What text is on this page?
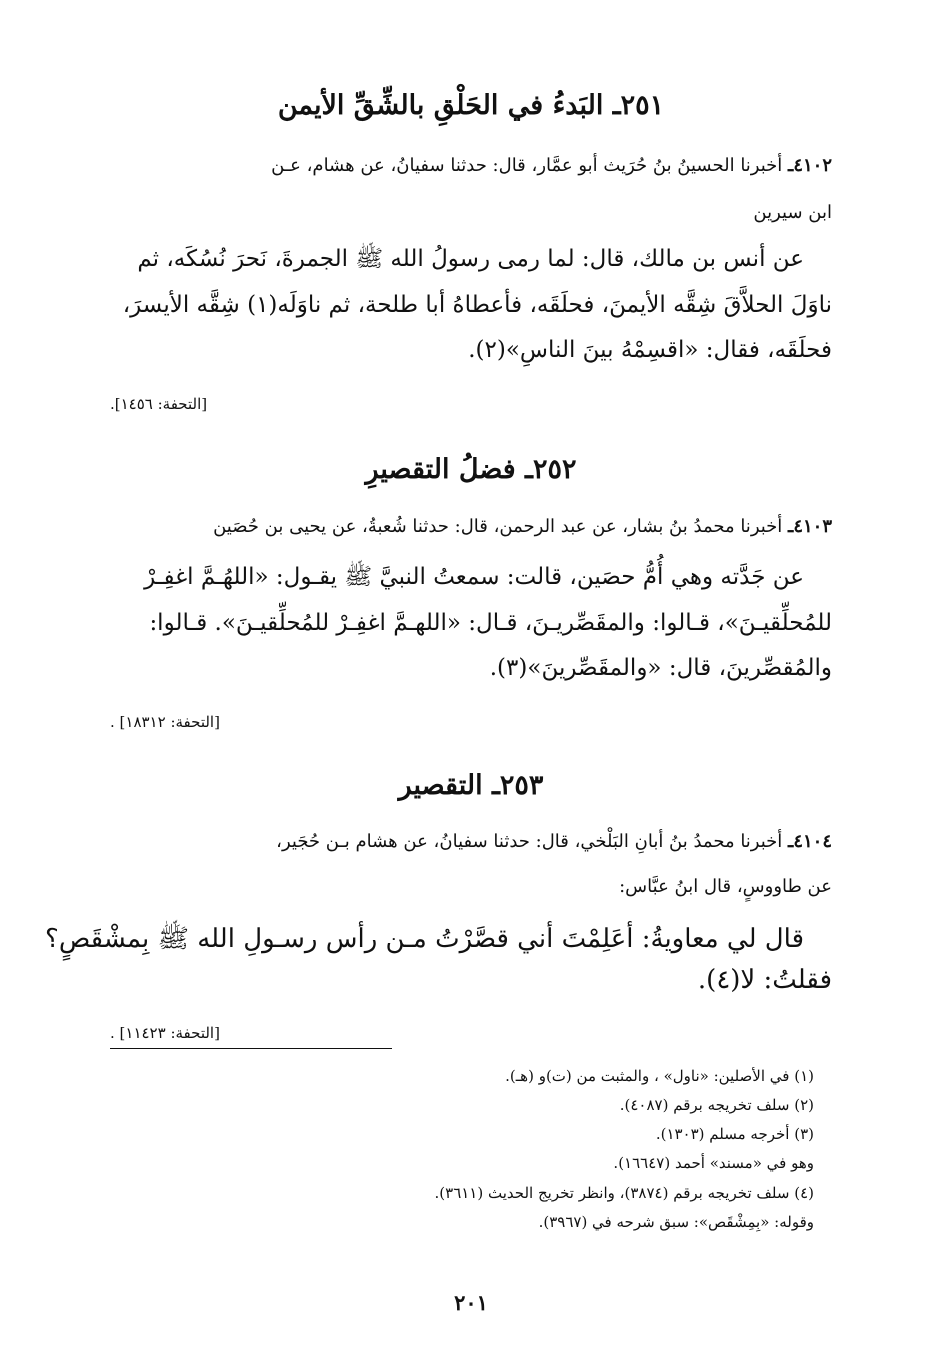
٢٥١ـ البَدءُ في الحَلْقِ بالشِّقِّ الأيمن
٤١٠٢ـ أخبرنا الحسينُ بنُ حُرَيث أبو عمَّار، قال: حدثنا سفيانُ، عن هشام، عـن
ابن سيرين
عن أنس بن مالك، قال: لما رمى رسولُ الله ﷺ الجمرةَ، نَحرَ نُسُكَه، ثم
ناوَلَ الحلاَّقَ شِقَّه الأيمنَ، فحلَقَه، فأعطاهُ أبا طلحة، ثم ناوَلَه(١) شِقَّه الأيسرَ،
فحلَقَه، فقال: «اقسِمْهُ بينَ الناسِ»(٢).
[التحفة: ١٤٥٦].
٢٥٢ـ فضلُ التقصيرِ
٤١٠٣ـ أخبرنا محمدُ بنُ بشار، عن عبد الرحمن، قال: حدثنا شُعبةُ، عن يحيى بن حُصَين
عن جَدَّته وهي أُمُّ حصَين، قالت: سمعتُ النبيَّ ﷺ يقـول: «اللهُـمَّ اغفِـرْ
للمُحلِّقيـنَ»، قـالوا: والمقَصِّريـنَ، قـال: «اللهـمَّ اغفِـرْ للمُحلِّقيـنَ». قـالوا:
والمُقصِّرينَ، قال: «والمقَصِّرينَ»(٣).
[التحفة: ١٨٣١٢] .
٢٥٣ـ التقصير
٤١٠٤ـ أخبرنا محمدُ بنُ أبانِ البَلْخي، قال: حدثنا سفيانُ، عن هشام بـن حُجَير،
عن طاووسٍ، قال ابنُ عبَّاس:
قال لي معاويةُ: أعَلِمْتَ أني قصَّرْتُ مـن رأس رسـولِ الله ﷺ بِمشْقَصٍ؟
فقلتُ: لا(٤).
[التحفة: ١١٤٢٣] .
(١) في الأصلين: «ناول» ، والمثبت من (ت)و (هـ).
(٢) سلف تخريجه برقم (٤٠٨٧).
(٣) أخرجه مسلم (١٣٠٣).
وهو في «مسند» أحمد (١٦٦٤٧).
(٤) سلف تخريجه برقم (٣٨٧٤)، وانظر تخريج الحديث (٣٦١١).
وقوله: «بِمِشْقَص»: سبق شرحه في (٣٩٦٧).
٢٠١
